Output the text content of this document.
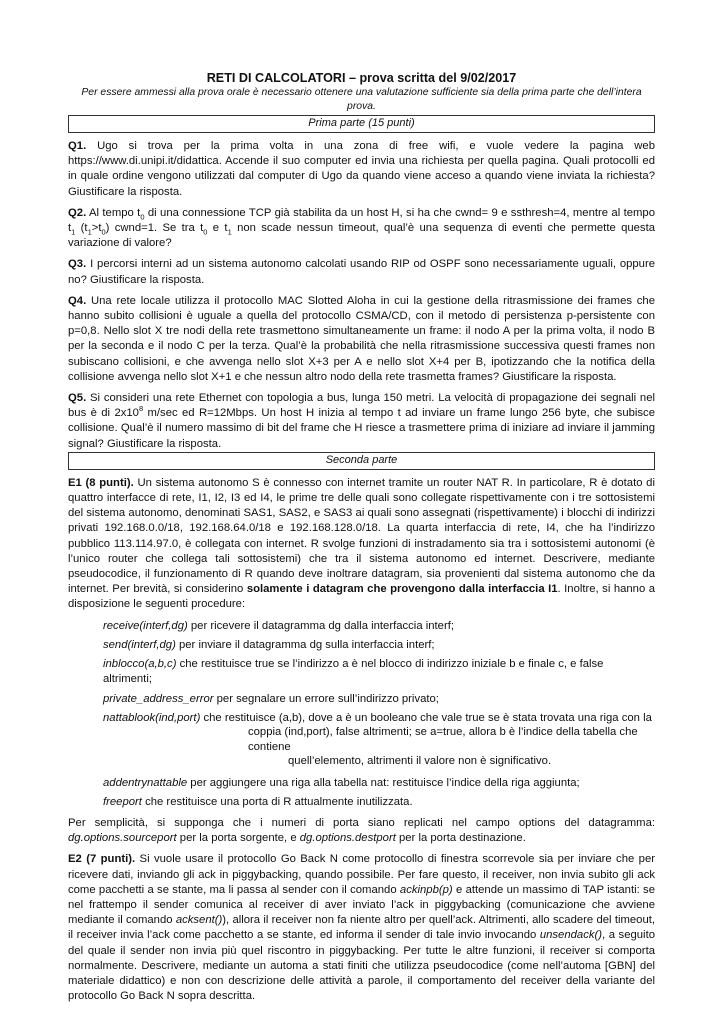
RETI DI CALCOLATORI – prova scritta del 9/02/2017

Per essere ammessi alla prova orale è necessario ottenere una valutazione sufficiente sia della prima parte che dell’intera prova.

Prima parte (15 punti)

Q1. Ugo si trova per la prima volta in una zona di free wifi, e vuole vedere la pagina web https://www.di.unipi.it/didattica. Accende il suo computer ed invia una richiesta per quella pagina. Quali protocolli ed in quale ordine vengono utilizzati dal computer di Ugo da quando viene acceso a quando viene inviata la richiesta? Giustificare la risposta.

Q2. Al tempo $t_0$ di una connessione TCP già stabilita da un host H, si ha che cwnd= 9 e ssthresh=4, mentre al tempo $t_1$ $(t_1>t_0)$ cwnd=1. Se tra $t_0$ e $t_1$ non scade nessun timeout, qual’è una sequenza di eventi che permette questa variazione di valore?

Q3. I percorsi interni ad un sistema autonomo calcolati usando RIP od OSPF sono necessariamente uguali, oppure no? Giustificare la risposta.

Q4. Una rete locale utilizza il protocollo MAC Slotted Aloha in cui la gestione della ritrasmissione dei frames che hanno subito collisioni è uguale a quella del protocollo CSMA/CD, con il metodo di persistenza p-persistente con p=0,8. Nello slot X tre nodi della rete trasmettono simultaneamente un frame: il nodo A per la prima volta, il nodo B per la seconda e il nodo C per la terza. Qual’è la probabilità che nella ritrasmissione successiva questi frames non subiscano collisioni, e che avvenga nello slot X+3 per A e nello slot X+4 per B, ipotizzando che la notifica della collisione avvenga nello slot X+1 e che nessun altro nodo della rete trasmetta frames? Giustificare la risposta.

Q5. Si consideri una rete Ethernet con topologia a bus, lunga 150 metri. La velocità di propagazione dei segnali nel bus è di $2x10^8$ m/sec ed R=12Mbps. Un host H inizia al tempo t ad inviare un frame lungo 256 byte, che subisce collisione. Qual’è il numero massimo di bit del frame che H riesce a trasmettere prima di iniziare ad inviare il jamming signal? Giustificare la risposta.

Seconda parte

E1 (8 punti). Un sistema autonomo S è connesso con internet tramite un router NAT R. In particolare, R è dotato di quattro interfacce di rete, I1, I2, I3 ed I4, le prime tre delle quali sono collegate rispettivamente con i tre sottosistemi del sistema autonomo, denominati SAS1, SAS2, e SAS3 ai quali sono assegnati (rispettivamente) i blocchi di indirizzi privati 192.168.0.0/18, 192.168.64.0/18 e 192.168.128.0/18. La quarta interfaccia di rete, I4, che ha l’indirizzo pubblico 113.114.97.0, è collegata con internet. R svolge funzioni di instradamento sia tra i sottosistemi autonomi (è l’unico router che collega tali sottosistemi) che tra il sistema autonomo ed internet. Descrivere, mediante pseudocodice, il funzionamento di R quando deve inoltrare datagram, sia provenienti dal sistema autonomo che da internet. Per brevità, si considerino solamente i datagram che provengono dalla interfaccia I1. Inoltre, si hanno a disposizione le seguenti procedure:

receive(interf,dg) per ricevere il datagramma dg dalla interfaccia interf;

send(interf,dg) per inviare il datagramma dg sulla interfaccia interf;

inblocco(a,b,c) che restituisce true se l’indirizzo a è nel blocco di indirizzo iniziale b e finale c, e false altrimenti;

private_address_error per segnalare un errore sull’indirizzo privato;

nattablook(ind,port) che restituisce (a,b), dove a è un booleano che vale true se è stata trovata una riga con la
coppia (ind,port), false altrimenti; se a=true, allora b è l’indice della tabella che contiene
quell’elemento, altrimenti il valore non è significativo.

addentrynattable per aggiungere una riga alla tabella nat: restituisce l’indice della riga aggiunta;

freeport che restituisce una porta di R attualmente inutilizzata.

Per semplicità, si supponga che i numeri di porta siano replicati nel campo options del datagramma: dg.options.sourceport per la porta sorgente, e dg.options.destport per la porta destinazione.

E2 (7 punti). Si vuole usare il protocollo Go Back N come protocollo di finestra scorrevole sia per inviare che per ricevere dati, inviando gli ack in piggybacking, quando possibile. Per fare questo, il receiver, non invia subito gli ack come pacchetti a se stante, ma li passa al sender con il comando ackinpb(p) e attende un massimo di TAP istanti: se nel frattempo il sender comunica al receiver di aver inviato l’ack in piggybacking (comunicazione che avviene mediante il comando acksent()), allora il receiver non fa niente altro per quell’ack. Altrimenti, allo scadere del timeout, il receiver invia l’ack come pacchetto a se stante, ed informa il sender di tale invio invocando unsendack(), a seguito del quale il sender non invia più quel riscontro in piggybacking. Per tutte le altre funzioni, il receiver si comporta normalmente. Descrivere, mediante un automa a stati finiti che utilizza pseudocodice (come nell’automa [GBN] del materiale didattico) e non con descrizione delle attività a parole, il comportamento del receiver della variante del protocollo Go Back N sopra descritta.
